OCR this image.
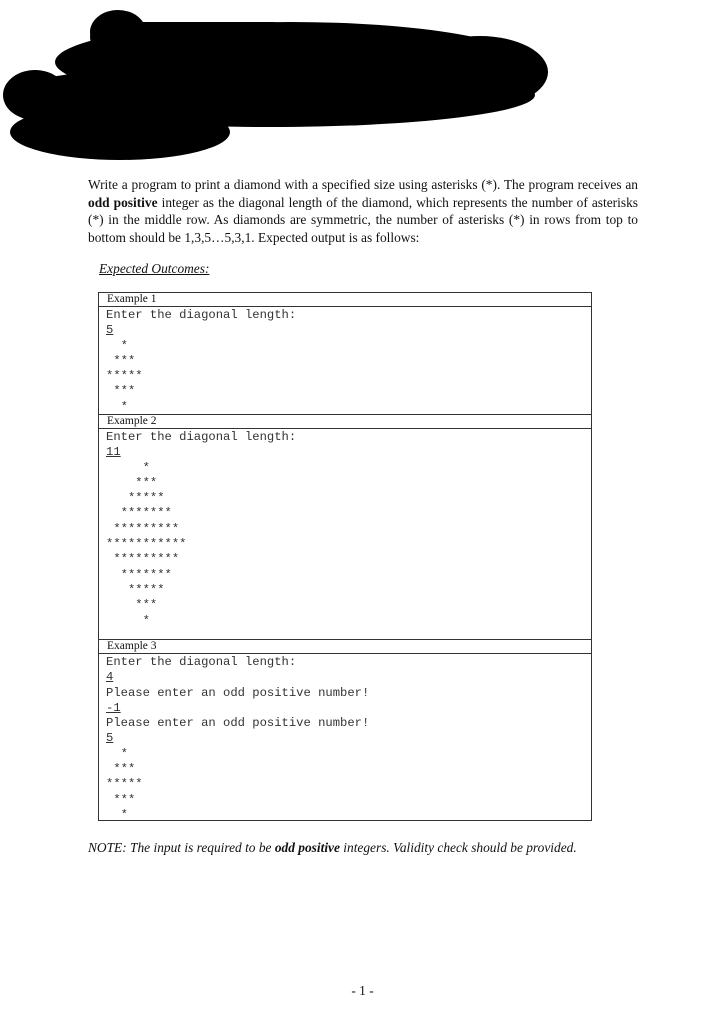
Write a program to print a diamond with a specified size using asterisks (*). The program receives an odd positive integer as the diagonal length of the diamond, which represents the number of asterisks (*) in the middle row. As diamonds are symmetric, the number of asterisks (*) in rows from top to bottom should be 1,3,5…5,3,1. Expected output is as follows:

Expected Outcomes:

Example 1
Enter the diagonal length:
5
*
***
*****
***
*
Example 2
Enter the diagonal length:
11
*
***
*****
*******
*********
***********
*********
*******
*****
***
*
Example 3
Enter the diagonal length:
4
Please enter an odd positive number!
-1
Please enter an odd positive number!
5
*
***
*****
***
*

NOTE: The input is required to be odd positive integers. Validity check should be provided.

- 1 -
